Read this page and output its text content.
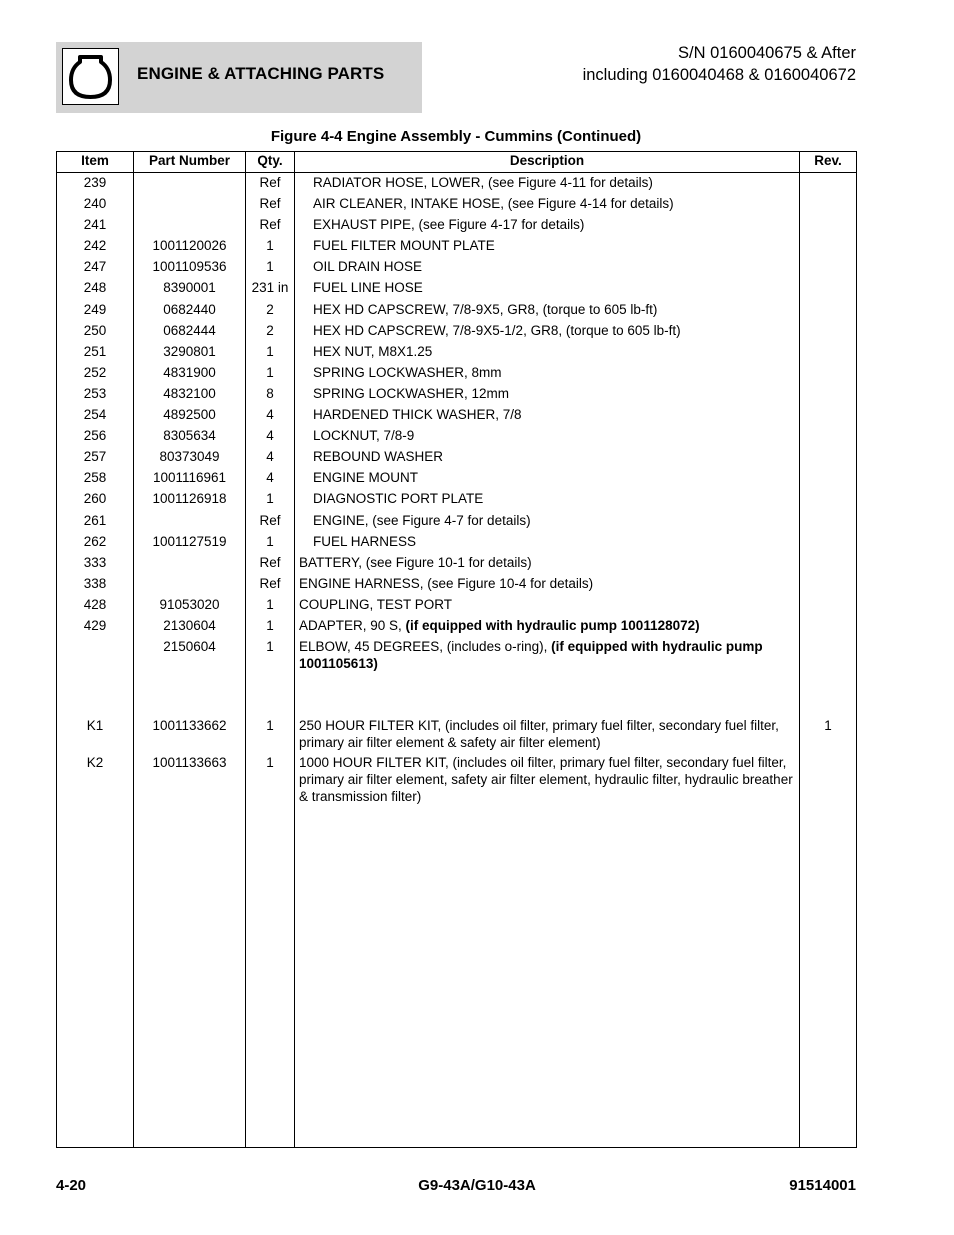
ENGINE & ATTACHING PARTS
S/N 0160040675 & After
including 0160040468 & 0160040672
Figure 4-4 Engine Assembly - Cummins (Continued)
Item	Part Number	Qty.	Description	Rev.
239		Ref	RADIATOR HOSE, LOWER, (see Figure 4-11 for details)	
240		Ref	AIR CLEANER, INTAKE HOSE, (see Figure 4-14 for details)	
241		Ref	EXHAUST PIPE, (see Figure 4-17 for details)	
242	1001120026	1	FUEL FILTER MOUNT PLATE	
247	1001109536	1	OIL DRAIN HOSE	
248	8390001	231 in	FUEL LINE HOSE	
249	0682440	2	HEX HD CAPSCREW, 7/8-9X5, GR8, (torque to 605 lb-ft)	
250	0682444	2	HEX HD CAPSCREW, 7/8-9X5-1/2, GR8, (torque to 605 lb-ft)	
251	3290801	1	HEX NUT, M8X1.25	
252	4831900	1	SPRING LOCKWASHER, 8mm	
253	4832100	8	SPRING LOCKWASHER, 12mm	
254	4892500	4	HARDENED THICK WASHER, 7/8	
256	8305634	4	LOCKNUT, 7/8-9	
257	80373049	4	REBOUND WASHER	
258	1001116961	4	ENGINE MOUNT	
260	1001126918	1	DIAGNOSTIC PORT PLATE	
261		Ref	ENGINE, (see Figure 4-7 for details)	
262	1001127519	1	FUEL HARNESS	
333		Ref	BATTERY, (see Figure 10-1 for details)	
338		Ref	ENGINE HARNESS, (see Figure 10-4 for details)	
428	91053020	1	COUPLING, TEST PORT	
429	2130604	1	ADAPTER, 90 S, (if equipped with hydraulic pump 1001128072)	
	2150604	1	ELBOW, 45 DEGREES, (includes o-ring), (if equipped with hydraulic pump 1001105613)	
K1	1001133662	1	250 HOUR FILTER KIT, (includes oil filter, primary fuel filter, secondary fuel filter, primary air filter element & safety air filter element)	1
K2	1001133663	1	1000 HOUR FILTER KIT, (includes oil filter, primary fuel filter, secondary fuel filter, primary air filter element, safety air filter element, hydraulic filter, hydraulic breather & transmission filter)	
4-20	G9-43A/G10-43A	91514001
